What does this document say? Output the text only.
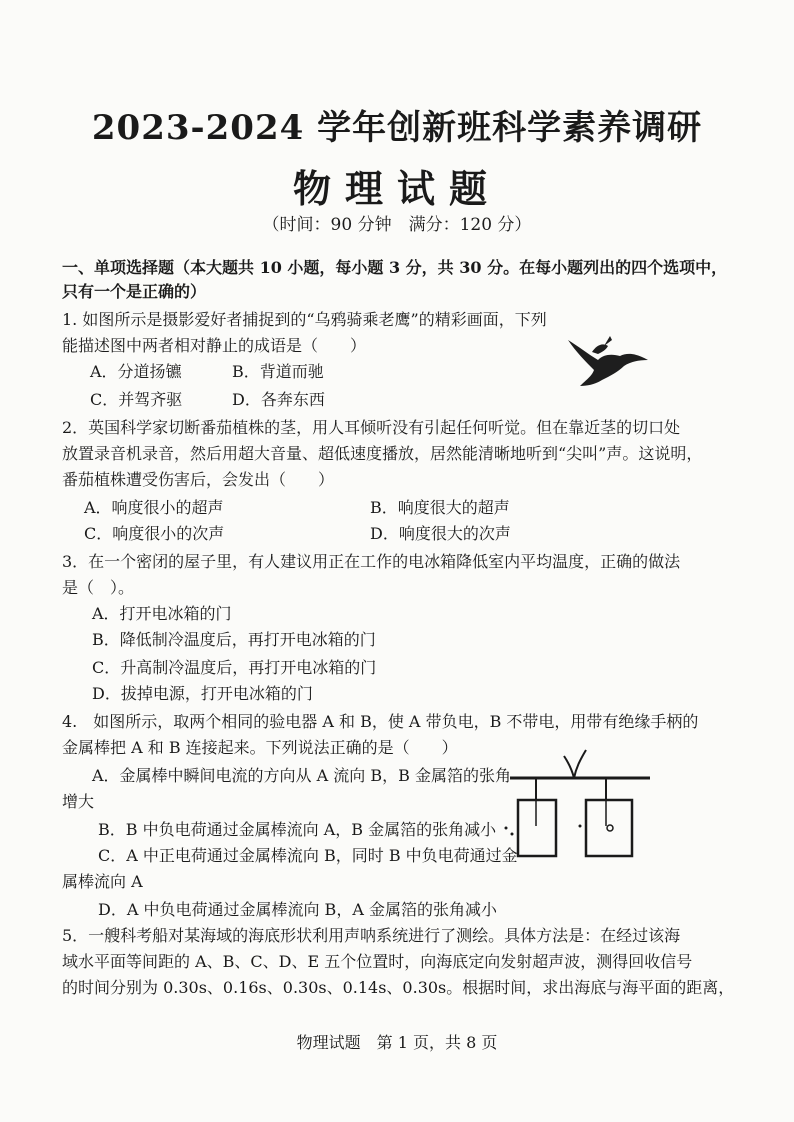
2023-2024 学年创新班科学素养调研
物理试题
（时间：90 分钟　满分：120 分）
一、单项选择题（本大题共 10 小题，每小题 3 分，共 30 分。在每小题列出的四个选项中，
只有一个是正确的）
1. 如图所示是摄影爱好者捕捉到的“乌鸦骑乘老鹰”的精彩画面，下列
能描述图中两者相对静止的成语是（　　）
A．分道扬镳	B．背道而驰
C．并驾齐驱	D．各奔东西
2．英国科学家切断番茄植株的茎，用人耳倾听没有引起任何听觉。但在靠近茎的切口处
放置录音机录音，然后用超大音量、超低速度播放，居然能清晰地听到“尖叫”声。这说明，
番茄植株遭受伤害后，会发出（　　）
A．响度很小的超声	B．响度很大的超声
C．响度很小的次声	D．响度很大的次声
3．在一个密闭的屋子里，有人建议用正在工作的电冰箱降低室内平均温度，正确的做法
是（　）。
A．打开电冰箱的门
B．降低制冷温度后，再打开电冰箱的门
C．升高制冷温度后，再打开电冰箱的门
D．拔掉电源，打开电冰箱的门
4.　如图所示，取两个相同的验电器 A 和 B，使 A 带负电，B 不带电，用带有绝缘手柄的
金属棒把 A 和 B 连接起来。下列说法正确的是（　　）
A．金属棒中瞬间电流的方向从 A 流向 B，B 金属箔的张角
增大
B．B 中负电荷通过金属棒流向 A，B 金属箔的张角减小
C．A 中正电荷通过金属棒流向 B，同时 B 中负电荷通过金
属棒流向 A
D．A 中负电荷通过金属棒流向 B，A 金属箔的张角减小
5．一艘科考船对某海域的海底形状利用声呐系统进行了测绘。具体方法是：在经过该海
域水平面等间距的 A、B、C、D、E 五个位置时，向海底定向发射超声波，测得回收信号
的时间分别为 0.30s、0.16s、0.30s、0.14s、0.30s。根据时间，求出海底与海平面的距离，
物理试题　第 1 页，共 8 页
